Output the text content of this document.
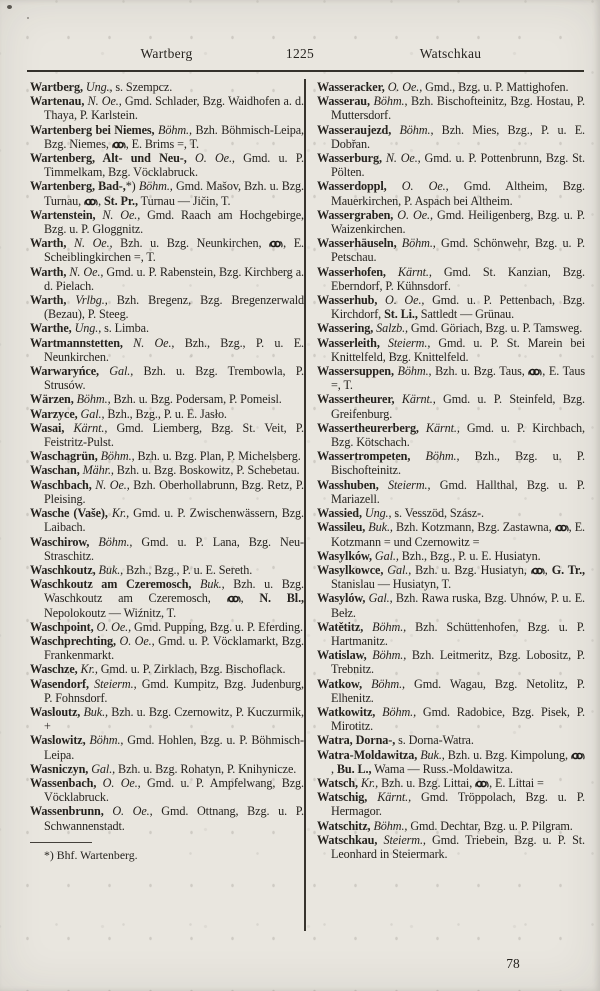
Wartberg	1225	Watschkau

Wartberg, Ung., s. Szempcz.

Wartenau, N. Oe., Gmd. Schlader, Bzg. Waidhofen a. d. Thaya, P. Karlstein.

Wartenberg bei Niemes, Böhm., Bzh. Böhmisch-Leipa, Bzg. Niemes, , E. Brims =, T.

Wartenberg, Alt- und Neu-, O. Oe., Gmd. u. P. Timmelkam, Bzg. Vöcklabruck.

Wartenberg, Bad-,*) Böhm., Gmd. Mašov, Bzh. u. Bzg. Turnau, , St. Pr., Turnau — Jičin, T.

Wartenstein, N. Oe., Gmd. Raach am Hochgebirge, Bzg. u. P. Gloggnitz.

Warth, N. Oe., Bzh. u. Bzg. Neunkirchen, , E. Scheiblingkirchen =, T.

Warth, N. Oe., Gmd. u. P. Rabenstein, Bzg. Kirchberg a. d. Pielach.

Warth, Vrlbg., Bzh. Bregenz, Bzg. Bregenzerwald (Bezau), P. Steeg.

Warthe, Ung., s. Limba.

Wartmannstetten, N. Oe., Bzh., Bzg., P. u. E. Neunkirchen.

Warwaryńce, Gal., Bzh. u. Bzg. Trembowla, P. Strusów.

Wärzen, Böhm., Bzh. u. Bzg. Podersam, P. Pomeisl.

Warzyce, Gal., Bzh., Bzg., P. u. E. Jasło.

Wasai, Kärnt., Gmd. Liemberg, Bzg. St. Veit, P. Feistritz-Pulst.

Waschagrün, Böhm., Bzh. u. Bzg. Plan, P. Michelsberg.

Waschan, Mähr., Bzh. u. Bzg. Boskowitz, P. Schebetau.

Waschbach, N. Oe., Bzh. Oberhollabrunn, Bzg. Retz, P. Pleising.

Wasche (Vaše), Kr., Gmd. u. P. Zwischenwässern, Bzg. Laibach.

Waschirow, Böhm., Gmd. u. P. Lana, Bzg. Neu-Straschitz.

Waschkoutz, Buk., Bzh., Bzg., P. u. E. Sereth.

Waschkoutz am Czeremosch, Buk., Bzh. u. Bzg. Waschkoutz am Czeremosch, , N. Bl., Nepolokoutz — Wiźnitz, T.

Waschpoint, O. Oe., Gmd. Pupping, Bzg. u. P. Eferding.

Waschprechting, O. Oe., Gmd. u. P. Vöcklamarkt, Bzg. Frankenmarkt.

Waschze, Kr., Gmd. u. P. Zirklach, Bzg. Bischoflack.

Wasendorf, Steierm., Gmd. Kumpitz, Bzg. Judenburg, P. Fohnsdorf.

Wasloutz, Buk., Bzh. u. Bzg. Czernowitz, P. Kuczurmik, +

Waslowitz, Böhm., Gmd. Hohlen, Bzg. u. P. Böhmisch-Leipa.

Wasniczyn, Gal., Bzh. u. Bzg. Rohatyn, P. Knihynicze.

Wassenbach, O. Oe., Gmd. u. P. Ampfelwang, Bzg. Vöcklabruck.

Wassenbrunn, O. Oe., Gmd. Ottnang, Bzg. u. P. Schwannenstadt.

*) Bhf. Wartenberg.

Wasseracker, O. Oe., Gmd., Bzg. u. P. Mattighofen.

Wasserau, Böhm., Bzh. Bischofteinitz, Bzg. Hostau, P. Muttersdorf.

Wasseraujezd, Böhm., Bzh. Mies, Bzg., P. u. E. Dobřan.

Wasserburg, N. Oe., Gmd. u. P. Pottenbrunn, Bzg. St. Pölten.

Wasserdoppl, O. Oe., Gmd. Altheim, Bzg. Mauerkirchen, P. Aspach bei Altheim.

Wassergraben, O. Oe., Gmd. Heiligenberg, Bzg. u. P. Waizenkirchen.

Wasserhäuseln, Böhm., Gmd. Schönwehr, Bzg. u. P. Petschau.

Wasserhofen, Kärnt., Gmd. St. Kanzian, Bzg. Eberndorf, P. Kühnsdorf.

Wasserhub, O. Oe., Gmd. u. P. Pettenbach, Bzg. Kirchdorf, St. Li., Sattledt — Grünau.

Wassering, Salzb., Gmd. Göriach, Bzg. u. P. Tamsweg.

Wasserleith, Steierm., Gmd. u. P. St. Marein bei Knittelfeld, Bzg. Knittelfeld.

Wassersuppen, Böhm., Bzh. u. Bzg. Taus, , E. Taus =, T.

Wassertheurer, Kärnt., Gmd. u. P. Steinfeld, Bzg. Greifenburg.

Wassertheurerberg, Kärnt., Gmd. u. P. Kirchbach, Bzg. Kötschach.

Wassertrompeten, Böhm., Bzh., Bzg. u. P. Bischofteinitz.

Wasshuben, Steierm., Gmd. Hallthal, Bzg. u. P. Mariazell.

Wassied, Ung., s. Vesszöd, Szász-.

Wassileu, Buk., Bzh. Kotzmann, Bzg. Zastawna, , E. Kotzmann = und Czernowitz =

Wasylków, Gal., Bzh., Bzg., P. u. E. Husiatyn.

Wasylkowce, Gal., Bzh. u. Bzg. Husiatyn, , G. Tr., Stanislau — Husiatyn, T.

Wasylów, Gal., Bzh. Rawa ruska, Bzg. Uhnów, P. u. E. Bełz.

Watětitz, Böhm., Bzh. Schüttenhofen, Bzg. u. P. Hartmanitz.

Watislaw, Böhm., Bzh. Leitmeritz, Bzg. Lobositz, P. Trebnitz.

Watkow, Böhm., Gmd. Wagau, Bzg. Netolitz, P. Elhenitz.

Watkowitz, Böhm., Gmd. Radobice, Bzg. Pisek, P. Mirotitz.

Watra, Dorna-, s. Dorna-Watra.

Watra-Moldawitza, Buk., Bzh. u. Bzg. Kimpolung, , Bu. L., Wama — Russ.-Moldawitza.

Watsch, Kr., Bzh. u. Bzg. Littai, , E. Littai =

Watschig, Kärnt., Gmd. Tröppolach, Bzg. u. P. Hermagor.

Watschitz, Böhm., Gmd. Dechtar, Bzg. u. P. Pilgram.

Watschkau, Steierm., Gmd. Triebein, Bzg. u. P. St. Leonhard in Steiermark.

78
